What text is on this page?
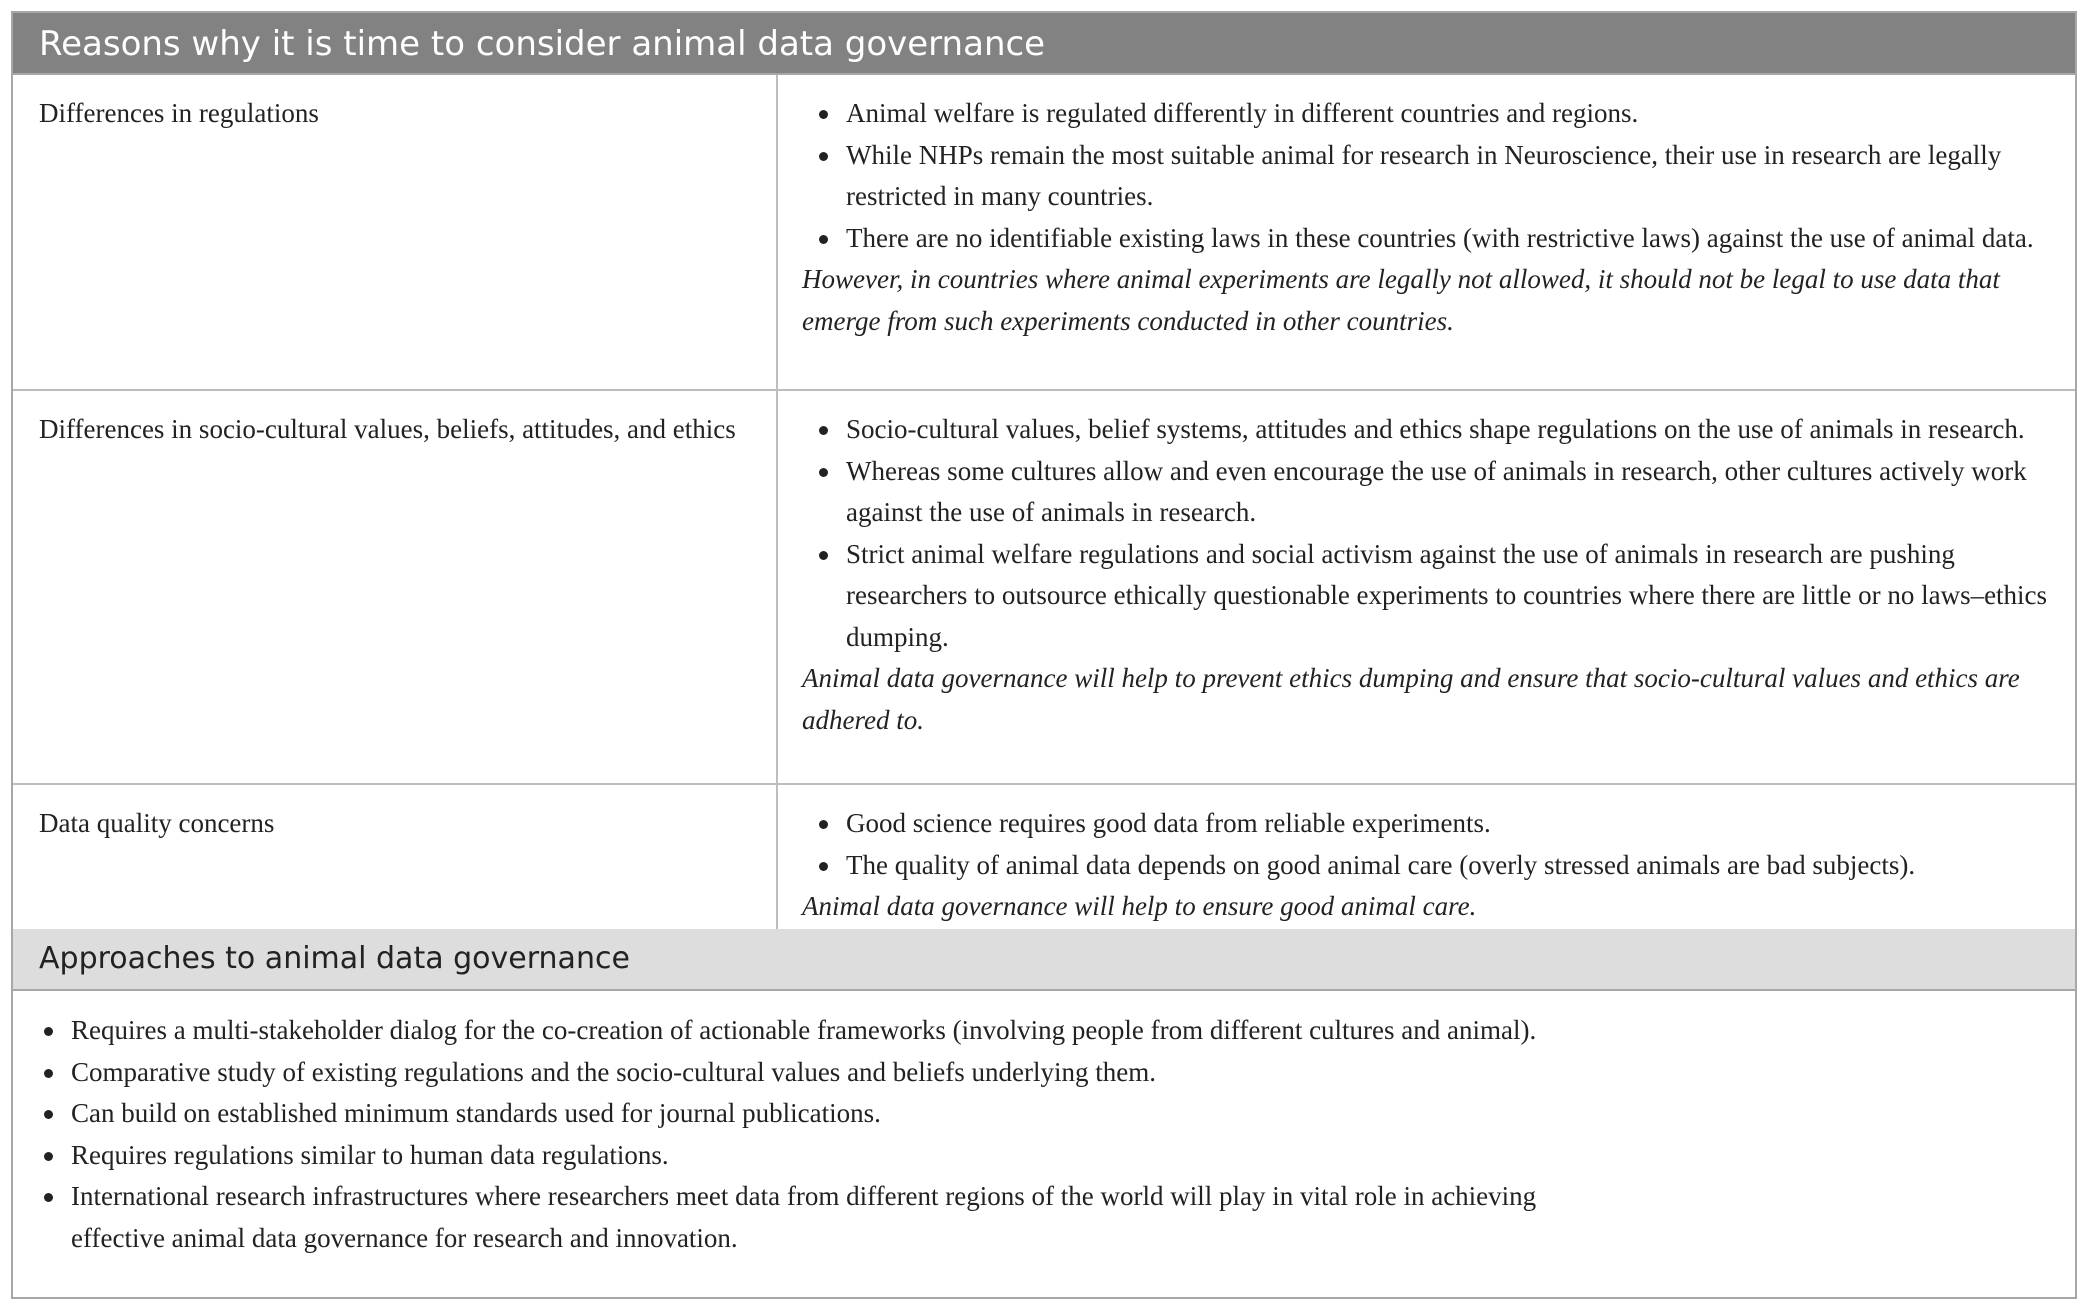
Reasons why it is time to consider animal data governance
Differences in regulations	Animal welfare is regulated differently in different countries and regions.
While NHPs remain the most suitable animal for research in Neuroscience, their use in research are legally restricted in many countries.
There are no identifiable existing laws in these countries (with restrictive laws) against the use of animal data.
However, in countries where animal experiments are legally not allowed, it should not be legal to use data that emerge from such experiments conducted in other countries.
Differences in socio-cultural values, beliefs, attitudes, and ethics	Socio-cultural values, belief systems, attitudes and ethics shape regulations on the use of animals in research.
Whereas some cultures allow and even encourage the use of animals in research, other cultures actively work against the use of animals in research.
Strict animal welfare regulations and social activism against the use of animals in research are pushing researchers to outsource ethically questionable experiments to countries where there are little or no laws–ethics dumping.
Animal data governance will help to prevent ethics dumping and ensure that socio-cultural values and ethics are adhered to.
Data quality concerns	Good science requires good data from reliable experiments.
The quality of animal data depends on good animal care (overly stressed animals are bad subjects).
Animal data governance will help to ensure good animal care.
Approaches to animal data governance
Requires a multi-stakeholder dialog for the co-creation of actionable frameworks (involving people from different cultures and animal).
Comparative study of existing regulations and the socio-cultural values and beliefs underlying them.
Can build on established minimum standards used for journal publications.
Requires regulations similar to human data regulations.
International research infrastructures where researchers meet data from different regions of the world will play in vital role in achieving effective animal data governance for research and innovation.
